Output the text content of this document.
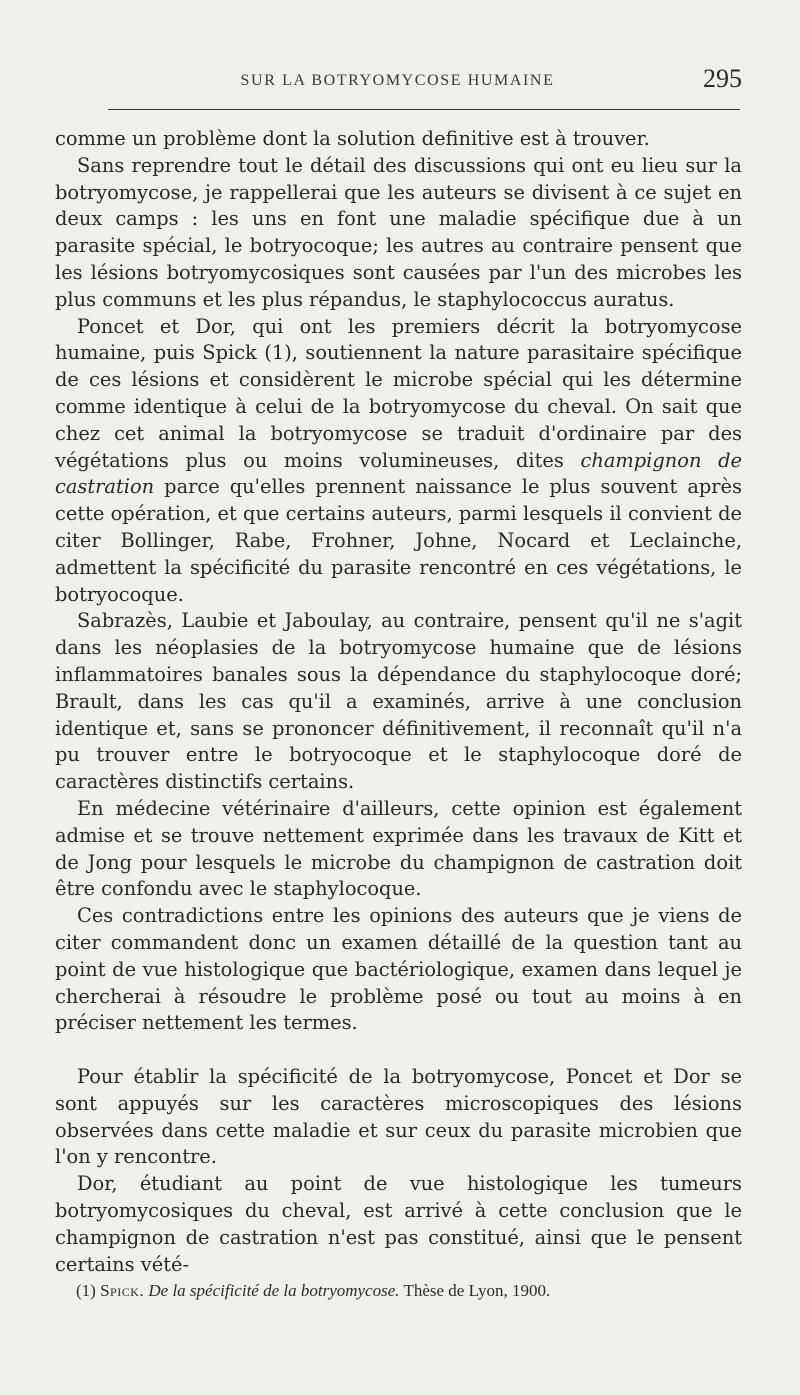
SUR LA BOTRYOMYCOSE HUMAINE	295

comme un problème dont la solution definitive est à trouver.

Sans reprendre tout le détail des discussions qui ont eu lieu sur la botryomycose, je rappellerai que les auteurs se divisent à ce sujet en deux camps : les uns en font une maladie spécifique due à un parasite spécial, le botryocoque; les autres au contraire pensent que les lésions botryomycosiques sont causées par l'un des microbes les plus communs et les plus répandus, le staphylococcus auratus.

Poncet et Dor, qui ont les premiers décrit la botryomycose humaine, puis Spick (1), soutiennent la nature parasitaire spécifique de ces lésions et considèrent le microbe spécial qui les détermine comme identique à celui de la botryomycose du cheval. On sait que chez cet animal la botryomycose se traduit d'ordinaire par des végétations plus ou moins volumineuses, dites champignon de castration parce qu'elles prennent naissance le plus souvent après cette opération, et que certains auteurs, parmi lesquels il convient de citer Bollinger, Rabe, Frohner, Johne, Nocard et Leclainche, admettent la spécificité du parasite rencontré en ces végétations, le botryocoque.

Sabrazès, Laubie et Jaboulay, au contraire, pensent qu'il ne s'agit dans les néoplasies de la botryomycose humaine que de lésions inflammatoires banales sous la dépendance du staphylocoque doré; Brault, dans les cas qu'il a examinés, arrive à une conclusion identique et, sans se prononcer définitivement, il reconnaît qu'il n'a pu trouver entre le botryocoque et le staphylocoque doré de caractères distinctifs certains.

En médecine vétérinaire d'ailleurs, cette opinion est également admise et se trouve nettement exprimée dans les travaux de Kitt et de Jong pour lesquels le microbe du champignon de castration doit être confondu avec le staphylocoque.

Ces contradictions entre les opinions des auteurs que je viens de citer commandent donc un examen détaillé de la question tant au point de vue histologique que bactériologique, examen dans lequel je chercherai à résoudre le problème posé ou tout au moins à en préciser nettement les termes.

Pour établir la spécificité de la botryomycose, Poncet et Dor se sont appuyés sur les caractères microscopiques des lésions observées dans cette maladie et sur ceux du parasite microbien que l'on y rencontre.

Dor, étudiant au point de vue histologique les tumeurs botryomycosiques du cheval, est arrivé à cette conclusion que le champignon de castration n'est pas constitué, ainsi que le pensent certains vété-

(1) Spick. De la spécificité de la botryomycose. Thèse de Lyon, 1900.
